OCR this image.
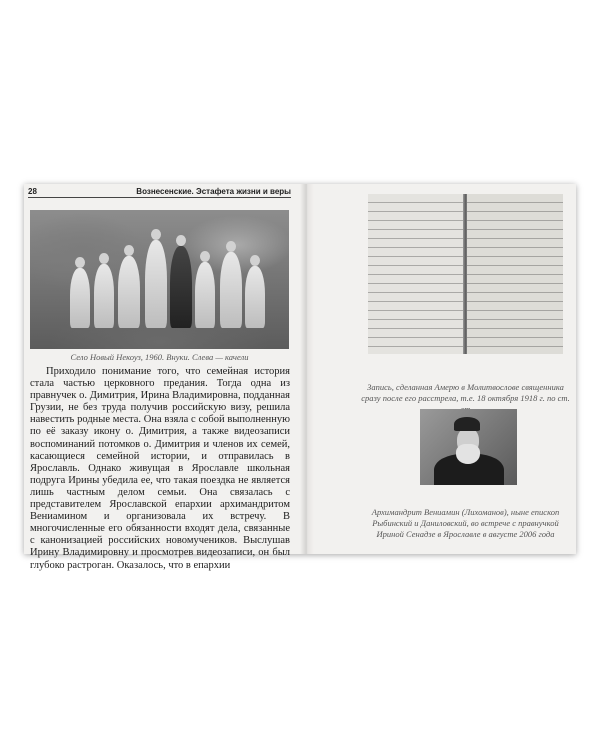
28	Вознесенские. Эстафета жизни и веры
Село Новый Некоуз, 1960. Внуки. Слева — качели

Приходило понимание того, что семейная история стала частью церковного предания. Тогда одна из правнучек о. Димитрия, Ирина Владимировна, подданная Грузии, не без труда получив российскую визу, решила навестить родные места. Она взяла с собой выполненную по её заказу икону о. Димитрия, а также видеозаписи воспоминаний потомков о. Димитрия и членов их семей, касающиеся семейной истории, и отправилась в Ярославль. Однако живущая в Ярославле школьная подруга Ирины убедила ее, что такая поездка не является лишь частным делом семьи. Она связалась с представителем Ярославской епархии архимандритом Вениамином и организовала их встречу. В многочисленные его обязанности входят дела, связанные с канонизацией российских новомучеников. Выслушав Ирину Владимировну и просмотрев видеозаписи, он был глубоко растроган. Оказалось, что в епархии

Запись, сделанная Амерю в Молитвослове священника сразу после его расстрела, т.е. 18 октября 1918 г. по ст.
Архимандрит Вениамин (Лихоманов), ныне епископ Рыбинский и Даниловский, во встрече с правнучкой Ириной Сенадзе в Ярославле в августе 2006 года
